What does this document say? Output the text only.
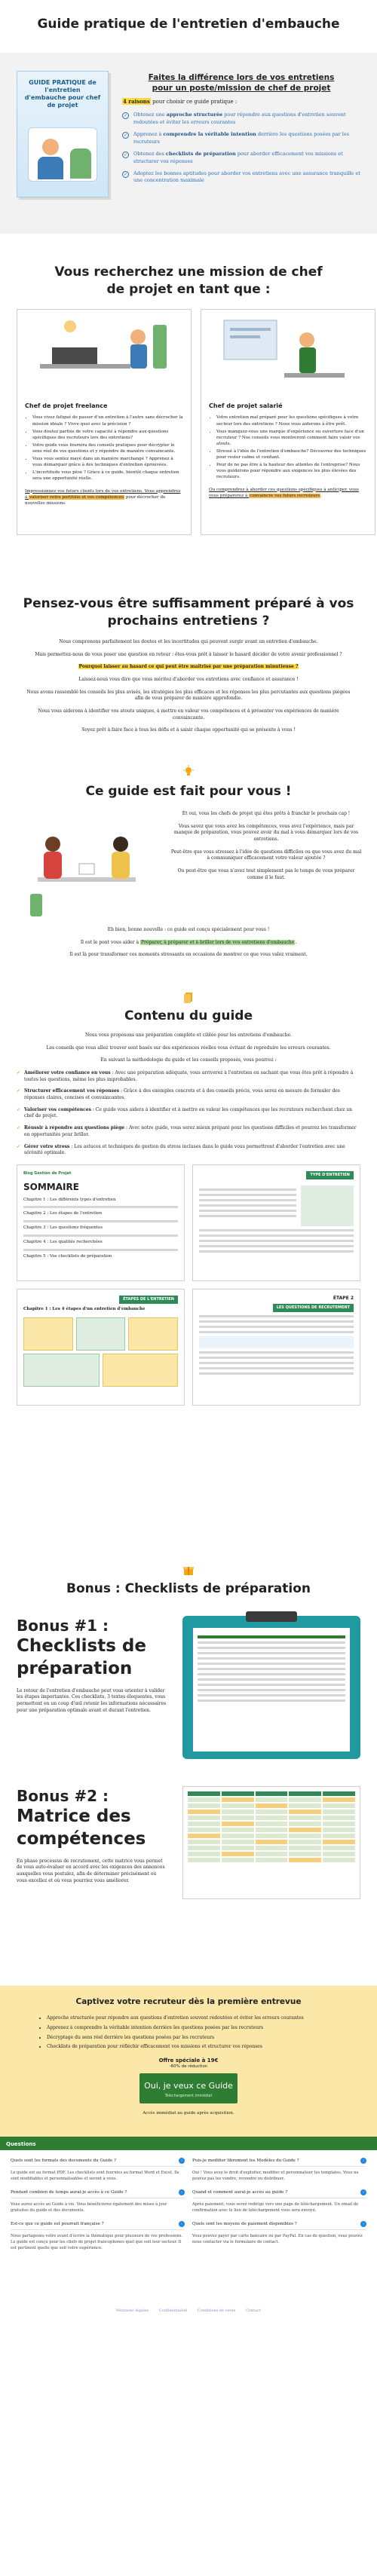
Guide pratique de l'entretien d'embauche
GUIDE PRATIQUE de l'entretien d'embauche pour chef de projet
Faites la différence lors de vos entretiens
pour un poste/mission de chef de projet
4 raisons pour choisir ce guide pratique :
✓	Obtenez une approche structurée pour répondre aux questions d'entretien souvent redoutées et éviter les erreurs courantes
✓	Apprenez à comprendre la véritable intention derrière les questions posées par les recruteurs
✓	Obtenez des checklists de préparation pour aborder efficacement vos missions et structurer vos réponses
✓	Adoptez les bonnes aptitudes pour aborder vos entretiens avec une assurance tranquille et une concentration maximale
Vous recherchez une mission de chef
de projet en tant que :
Chef de projet freelance
• Vous vivez fatigué de passer d'un entretien à l'autre sans décrocher la mission idéale ? Vivre quoi avec la précision ?
• Vous doutez parfois de votre capacité à répondre aux questions spécifiques des recruteurs lors des entretiens?
• Votre guide vous fournira des conseils pratiques pour décrypter le sens réel de vos questions et y répondre de manière convaincante.
• Vous vous sentez mayé dans un manière marchangé ? Apprenez à vous démarquer grâce à des techniques d'entretien éprouvées.
• L'incertitude vous pèse ? Gràce à ce guide, bientôt chaque entretien sera une opportunité réelle.

Impressionnez vos futurs clients lors de vos entretiens. Vous apprendrez à valoriser votre portfolio et vos compétences pour décrocher de nouvelles missions.

Chef de projet salarié
• Votre entretien mal préparé pour les questions spécifiques à votre secteur lors des entretiens ? Nous vous aiderons à être prêt.
• Vous manquez-vous une marque d'expérience ou ouverture face d'un recruteur ? Nos conseils vous montreront comment faire valoir vos atouts.
• Stressé à l'idée de l'entretien d'embauche? Découvrez des techniques pour rester calme et confiant.
• Peur de ne pas être à la hauteur des attentes de l'entreprise? Nous vous guiderons pour répondre aux exigences les plus élevées des recruteurs.

Ou comprendrez à aborder ces questions spécifiques à anticiper, vous vous préparerez à convaincre vos futurs recruteurs.

Pensez-vous être suffisamment préparé à vos
prochains entretiens ?

Nous comprenons parfaitement les doutes et les incertitudes qui peuvent surgir avant un entretien d'embauche.

Mais permettez-nous de vous poser une question en retour : êtes-vous prêt à laisser le hasard décider de votre avenir professionnel ?

Pourquoi laisser au hasard ce qui peut être maîtrisé par une préparation minutieuse ?

Laissez-nous vous dire que vous méritez d'aborder vos entretiens avec confiance et assurance !

Nous avons rassemblé les conseils les plus avisés, les stratégies les plus efficaces et les réponses les plus percutantes aux questions piégées afin de vous préparer de manière approfondie.

Nous vous aiderons à identifier vos atouts uniques, à mettre en valeur vos compétences et à présenter vos expériences de manière convaincante.

Soyez prêt à faire face à tous les défis et à saisir chaque opportunité qui se présente à vous !

Ce guide est fait pour vous !

Et oui, vous les chefs de projet qui êtes prêts à franchir le prochain cap !

Vous savez que vous avez les compétences, vous avez l'expérience, mais par manque de préparation, vous pouvez avoir du mal à vous démarquer lors de vos entretiens.

Peut-être que vous stressez à l'idée de questions difficiles ou que vous avez du mal à communiquer efficacement votre valeur ajoutée ?

Ou peut-être que vous n'avez tout simplement pas le temps de vous préparer comme il le faut.

Eh bien, bonne nouvelle : ce guide est conçu spécialement pour vous !

Il est le pont vous aider à Préparer, à préparer et à briller lors de vos entretiens d'embauche.

Il est là pour transformer ces moments stressants en occasions de montrer ce que vous valez vraiment.

Contenu du guide

Nous vous proposons une préparation complète et ciblée pour les entretiens d'embauche.

Les conseils que vous allez trouver sont basés sur des expériences réelles vous évitant de reproduire les erreurs courantes.

En suivant la méthodologie du guide et les conseils proposés, vous pourrez :

✓ Améliorer votre confiance en vous : Avec une préparation adéquate, vous arriverez à l'entretien en sachant que vous êtes prêt à répondre à toutes les questions, même les plus improbables.
✓ Structurer efficacement vos réponses : Grâce à des exemples concrets et à des conseils précis, vous serez en mesure de formuler des réponses claires, concises et convaincantes.
✓ Valoriser vos compétences : Ce guide vous aidera à identifier et à mettre en valeur les compétences que les recruteurs recherchent chez un chef de projet.
✓ Réussir à répondre aux questions piège : Avec notre guide, vous serez mieux préparé pour les questions difficiles et pourrez les transformer en opportunités pour briller.
✓ Gérer votre stress : Les astuces et techniques de gestion du stress incluses dans le guide vous permettront d'aborder l'entretien avec une sérénité optimale.
Blog Gestion de Projet
SOMMAIRE
Chapitre 1 : Les différents types d'entretien
Chapitre 2 : Les étapes de l'entretien
Chapitre 3 : Les questions fréquentes
Chapitre 4 : Les qualités recherchées
Chapitre 5 : Vos checklists de préparation
TYPE D'ENTRETIEN
ÉTAPES DE L'ENTRETIEN
Chapitre 1 : Les 4 étapes d'un entretien d'embauche
ÉTAPE 2
LES QUESTIONS DE RECRUTEMENT
Bonus : Checklists de préparation
Bonus #1 :
Checklists de préparation

Le retour de l'entretien d'embauche peut vous orienter à valider les étapes importantes. Ces checklists, 3 textes éloquentes, vous permettent en un coup d'œil retenir les informations nécessaires pour une préparation optimale avant et durant l'entretien.

Bonus #2 :
Matrice des compétences

En phase processus de recrutement, cette matrice vous permet de vous auto-évaluer en accord avec les exigences des annonces auxquelles vous postulez, afin de déterminer précisément où vous excellez et où vous pourriez vous améliorer.

Captivez votre recruteur dès la première entrevue
• Approche structurée pour répondre aux questions d'entretien souvent redoutées et éviter les erreurs courantes
• Apprenez à comprendre la véritable intention derrière les questions posées par les recruteurs
• Décryptage du sens réel derrière les questions posées par les recruteurs
• Checklists de préparation pour réfléchir efficacement vos missions et structurer vos réponses
Offre spéciale à 19€
-60% de réduction
Oui, je veux ce Guide
Téléchargement immédiat
Accès immédiat au guide après acquisition.
Questions
Quels sont les formats des documents du Guide ?	›
Le guide est au format PDF. Les checklists sont fournies au format Word et Excel. Ils sont modifiables et personnalisables et seront à vous.
Pendant combien de temps aurai-je accès à ce Guide ?	›
Vous aurez accès au Guide à vie. Vous bénéficierez également des mises à jour gratuites du guide et des documents.
Est-ce que ce guide est pourrait française ?	›
Nous partageons votre avant d'écrire la thématique pour plusieurs de vos professions. Le guide est conçu pour les chefs de projet francophones quel que soit leur secteur. Il est pertinent quelle que soit votre expérience.
Puis-je modifier librement les Modèles du Guide ?	›
Oui ! Vous avez le droit d'exploiter, modifier et personnaliser les templates. Vous ne pouvez pas les vendre, revendre ou distribuer.
Quand et comment aurai-je accès au guide ?	›
Après paiement, vous serez redirigé vers une page de téléchargement. Un email de confirmation avec le lien de téléchargement vous sera envoyé.
Quels sont les moyens de paiement disponibles ?	›
Vous pouvez payer par carte bancaire ou par PayPal. En cas de question, vous pouvez nous contacter via le formulaire de contact.
Mentions légales	Confidentialité	Conditions de vente	Contact
